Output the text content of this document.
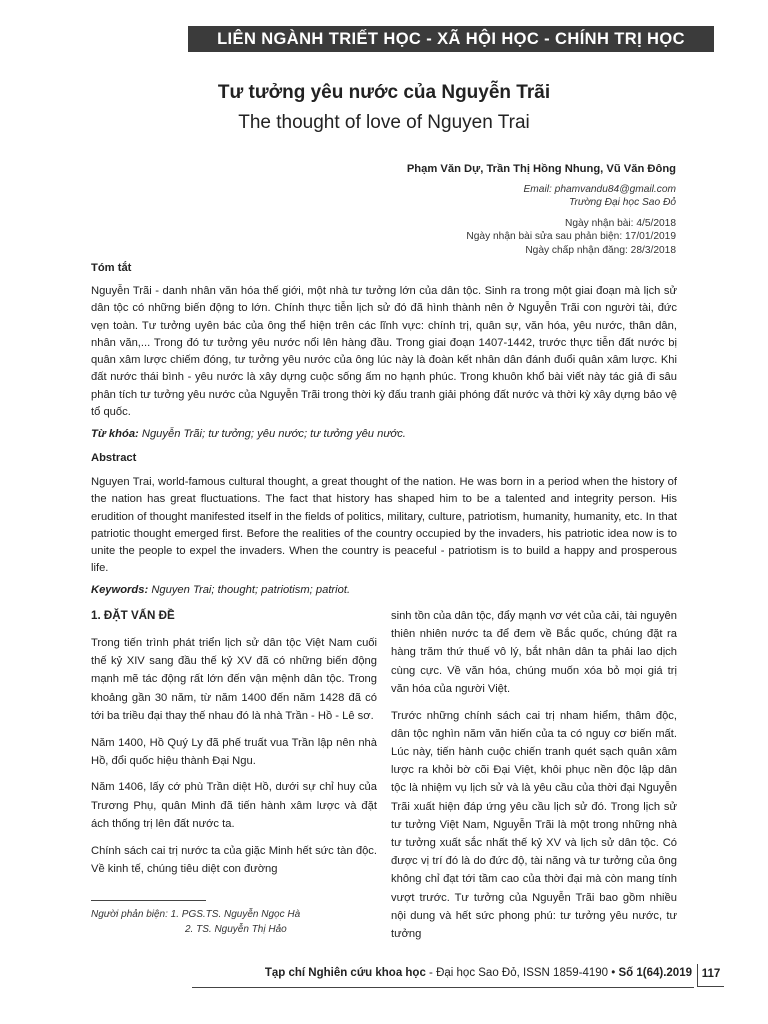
LIÊN NGÀNH TRIẾT HỌC - XÃ HỘI HỌC - CHÍNH TRỊ HỌC
Tư tưởng yêu nước của Nguyễn Trãi
The thought of love of Nguyen Trai
Phạm Văn Dự, Trần Thị Hồng Nhung, Vũ Văn Đông
Email: phamvandu84@gmail.com
Trường Đại học Sao Đỏ
Ngày nhận bài: 4/5/2018
Ngày nhận bài sửa sau phản biện: 17/01/2019
Ngày chấp nhận đăng: 28/3/2018
Tóm tắt
Nguyễn Trãi - danh nhân văn hóa thế giới, một nhà tư tưởng lớn của dân tộc. Sinh ra trong một giai đoạn mà lịch sử dân tộc có những biến động to lớn. Chính thực tiễn lịch sử đó đã hình thành nên ở Nguyễn Trãi con người tài, đức vẹn toàn. Tư tưởng uyên bác của ông thể hiện trên các lĩnh vực: chính trị, quân sự, văn hóa, yêu nước, thân dân, nhân văn,... Trong đó tư tưởng yêu nước nổi lên hàng đầu. Trong giai đoạn 1407-1442, trước thực tiễn đất nước bị quân xâm lược chiếm đóng, tư tưởng yêu nước của ông lúc này là đoàn kết nhân dân đánh đuổi quân xâm lược. Khi đất nước thái bình - yêu nước là xây dựng cuộc sống ấm no hạnh phúc. Trong khuôn khổ bài viết này tác giả đi sâu phân tích tư tưởng yêu nước của Nguyễn Trãi trong thời kỳ đấu tranh giải phóng đất nước và thời kỳ xây dựng bảo vệ tổ quốc.
Từ khóa: Nguyễn Trãi; tư tưởng; yêu nước; tư tưởng yêu nước.
Abstract
Nguyen Trai, world-famous cultural thought, a great thought of the nation. He was born in a period when the history of the nation has great fluctuations. The fact that history has shaped him to be a talented and integrity person. His erudition of thought manifested itself in the fields of politics, military, culture, patriotism, humanity, humanity, etc. In that patriotic thought emerged first. Before the realities of the country occupied by the invaders, his patriotic idea now is to unite the people to expel the invaders. When the country is peaceful - patriotism is to build a happy and prosperous life.
Keywords: Nguyen Trai; thought; patriotism; patriot.
1. ĐẶT VẤN ĐỀ

Trong tiến trình phát triển lịch sử dân tộc Việt Nam cuối thế kỷ XIV sang đầu thế kỷ XV đã có những biến động mạnh mẽ tác động rất lớn đến vận mệnh dân tộc. Trong khoảng gần 30 năm, từ năm 1400 đến năm 1428 đã có tới ba triều đại thay thế nhau đó là nhà Trần - Hồ - Lê sơ.

Năm 1400, Hồ Quý Ly đã phế truất vua Trần lập nên nhà Hồ, đổi quốc hiệu thành Đại Ngu.

Năm 1406, lấy cớ phù Trần diệt Hồ, dưới sự chỉ huy của Trương Phụ, quân Minh đã tiến hành xâm lược và đặt ách thống trị lên đất nước ta.

Chính sách cai trị nước ta của giặc Minh hết sức tàn độc. Về kinh tế, chúng tiêu diệt con đường

sinh tồn của dân tộc, đẩy mạnh vơ vét của cải, tài nguyên thiên nhiên nước ta để đem về Bắc quốc, chúng đặt ra hàng trăm thứ thuế vô lý, bắt nhân dân ta phải lao dịch cùng cực. Về văn hóa, chúng muốn xóa bỏ mọi giá trị văn hóa của người Việt.

Trước những chính sách cai trị nham hiểm, thâm độc, dân tộc nghìn năm văn hiến của ta có nguy cơ biến mất. Lúc này, tiến hành cuộc chiến tranh quét sạch quân xâm lược ra khỏi bờ cõi Đại Việt, khôi phục nền độc lập dân tộc là nhiệm vụ lịch sử và là yêu cầu của thời đại Nguyễn Trãi xuất hiện đáp ứng yêu cầu lịch sử đó. Trong lịch sử tư tưởng Việt Nam, Nguyễn Trãi là một trong những nhà tư tưởng xuất sắc nhất thế kỷ XV và lịch sử dân tộc. Có được vị trí đó là do đức độ, tài năng và tư tưởng của ông không chỉ đạt tới tầm cao của thời đại mà còn mang tính vượt trước. Tư tưởng của Nguyễn Trãi bao gồm nhiều nội dung và hết sức phong phú: tư tưởng yêu nước, tư tưởng

Người phản biện: 1. PGS.TS. Nguyễn Ngọc Hà
2. TS. Nguyễn Thị Hảo
Tạp chí Nghiên cứu khoa học - Đại học Sao Đỏ, ISSN 1859-4190 • Số 1(64).2019 117
